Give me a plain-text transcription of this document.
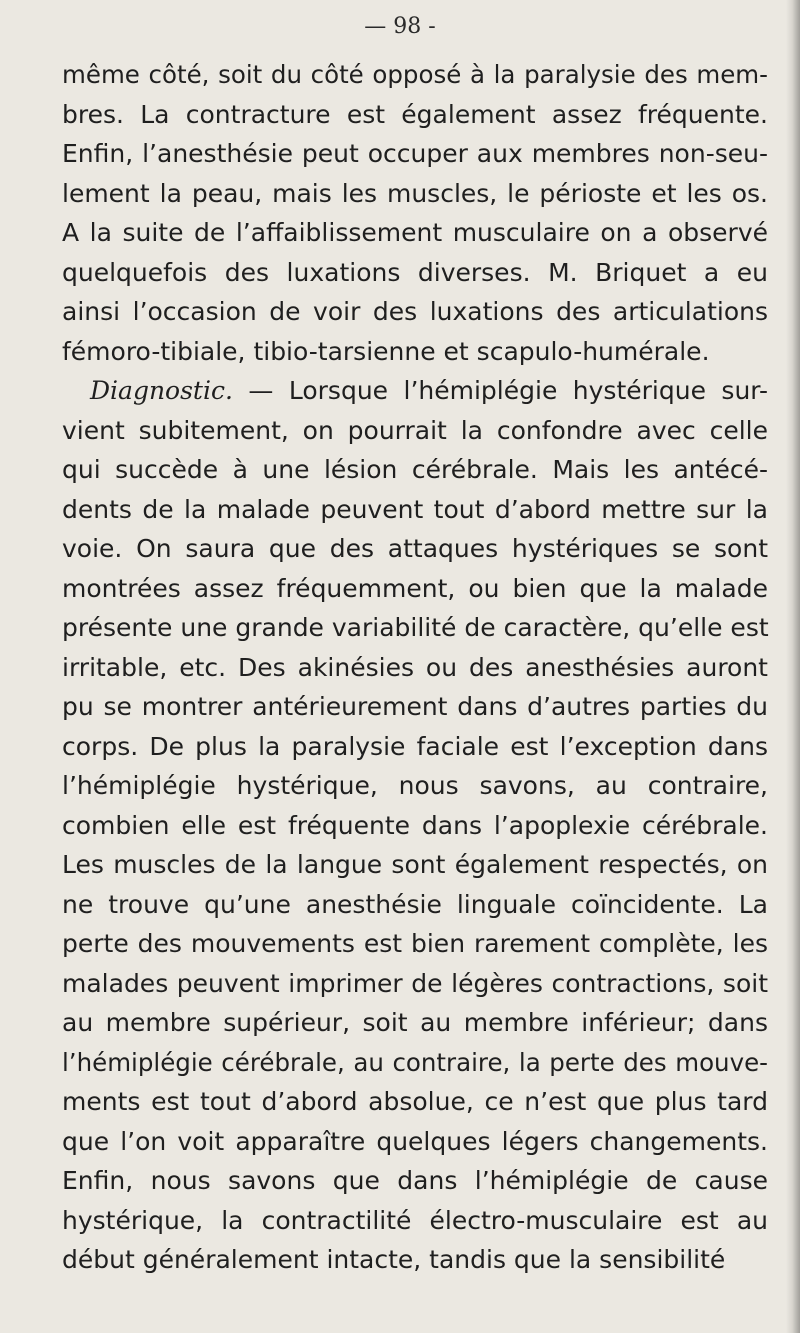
— 98 -
même côté, soit du côté opposé à la paralysie des mem-
bres. La contracture est également assez fréquente.
Enfin, l’anesthésie peut occuper aux membres non-seu-
lement la peau, mais les muscles, le périoste et les os.
A la suite de l’affaiblissement musculaire on a observé
quelquefois des luxations diverses. M. Briquet a eu
ainsi l’occasion de voir des luxations des articulations
fémoro-tibiale, tibio-tarsienne et scapulo-humérale.
Diagnostic. — Lorsque l’hémiplégie hystérique sur-
vient subitement, on pourrait la confondre avec celle
qui succède à une lésion cérébrale. Mais les antécé-
dents de la malade peuvent tout d’abord mettre sur la
voie. On saura que des attaques hystériques se sont
montrées assez fréquemment, ou bien que la malade
présente une grande variabilité de caractère, qu’elle est
irritable, etc. Des akinésies ou des anesthésies auront
pu se montrer antérieurement dans d’autres parties du
corps. De plus la paralysie faciale est l’exception dans
l’hémiplégie hystérique, nous savons, au contraire,
combien elle est fréquente dans l’apoplexie cérébrale.
Les muscles de la langue sont également respectés, on
ne trouve qu’une anesthésie linguale coïncidente. La
perte des mouvements est bien rarement complète, les
malades peuvent imprimer de légères contractions, soit
au membre supérieur, soit au membre inférieur; dans
l’hémiplégie cérébrale, au contraire, la perte des mouve-
ments est tout d’abord absolue, ce n’est que plus tard
que l’on voit apparaître quelques légers changements.
Enfin, nous savons que dans l’hémiplégie de cause
hystérique, la contractilité électro-musculaire est au
début généralement intacte, tandis que la sensibilité
